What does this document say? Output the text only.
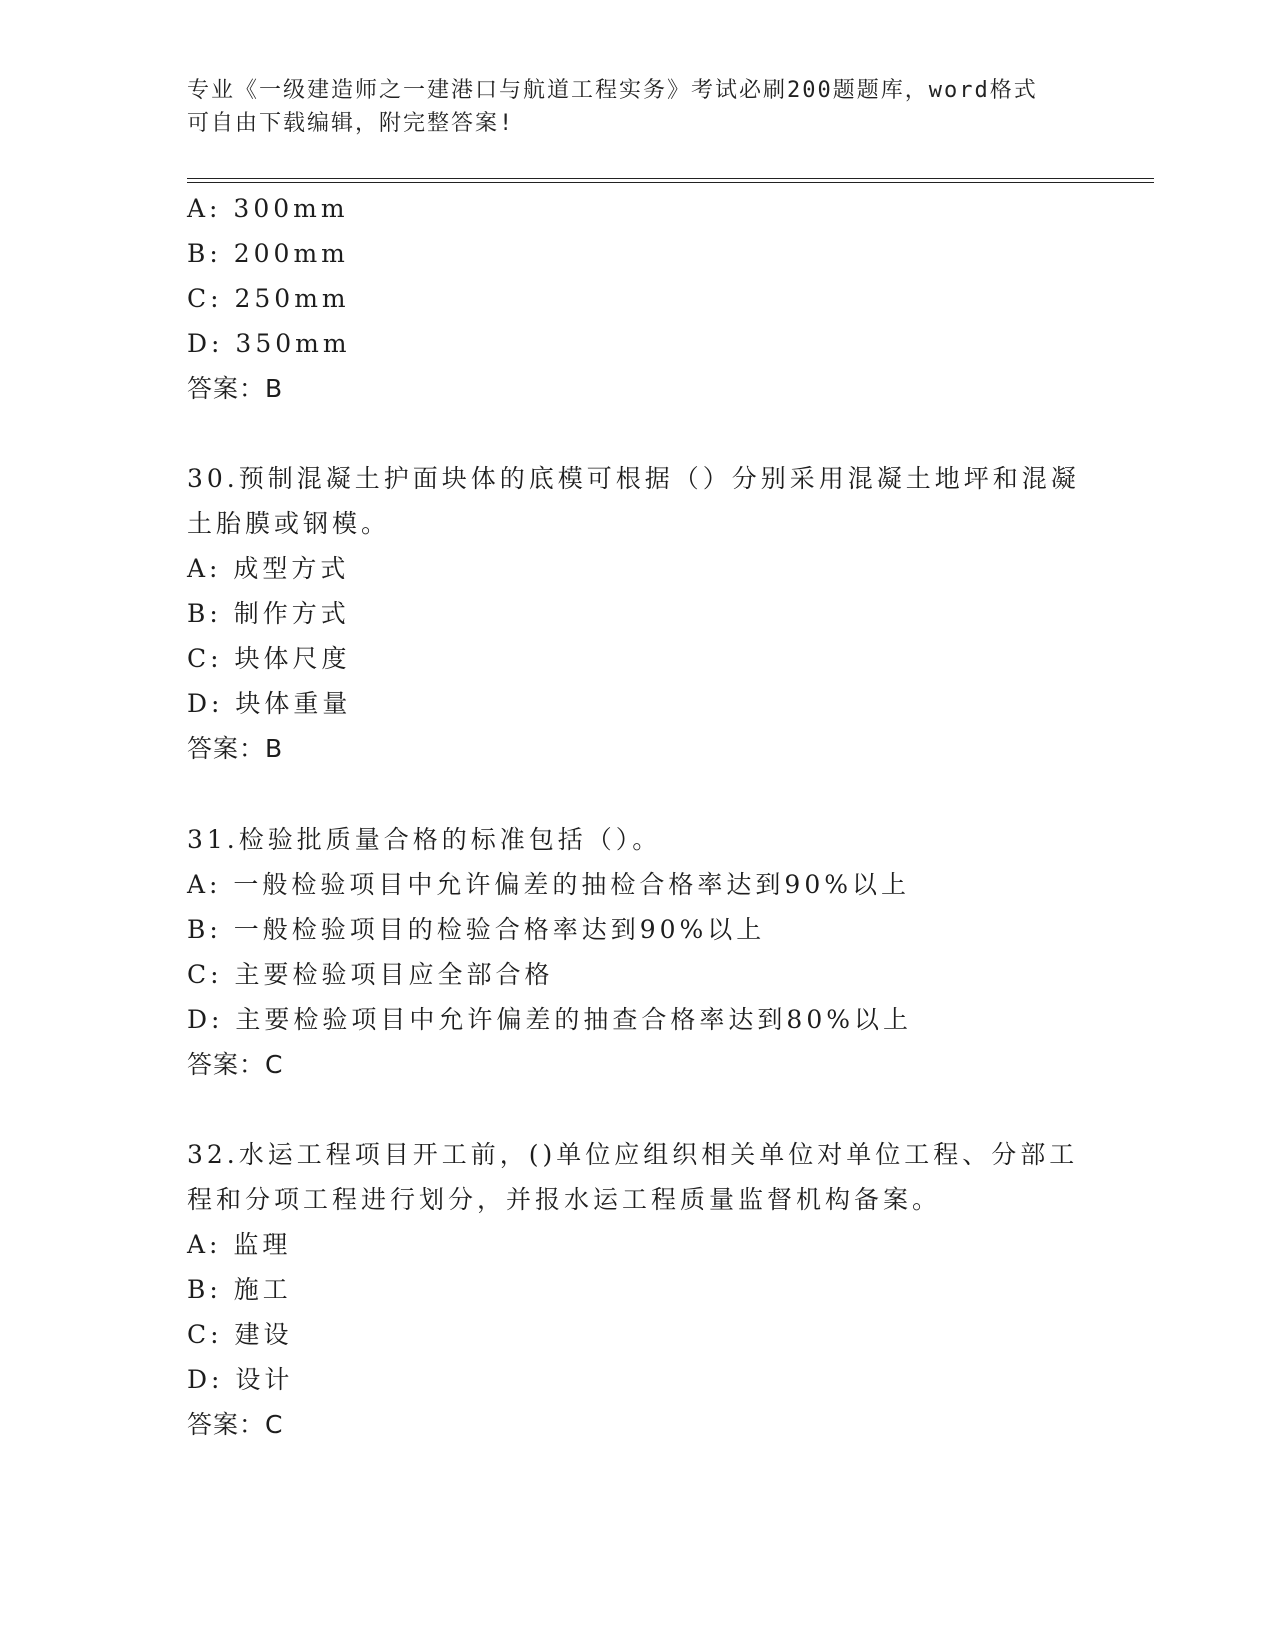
专业《一级建造师之一建港口与航道工程实务》考试必刷200题题库，word格式
可自由下载编辑，附完整答案!
A: 300mm
B: 200mm
C: 250mm
D: 350mm
答案：B
30.预制混凝土护面块体的底模可根据（）分别采用混凝土地坪和混凝
土胎膜或钢模。
A: 成型方式
B: 制作方式
C: 块体尺度
D: 块体重量
答案：B
31.检验批质量合格的标准包括（）。
A: 一般检验项目中允许偏差的抽检合格率达到90%以上
B: 一般检验项目的检验合格率达到90%以上
C: 主要检验项目应全部合格
D: 主要检验项目中允许偏差的抽查合格率达到80%以上
答案：C
32.水运工程项目开工前，()单位应组织相关单位对单位工程、分部工
程和分项工程进行划分，并报水运工程质量监督机构备案。
A: 监理
B: 施工
C: 建设
D: 设计
答案：C
